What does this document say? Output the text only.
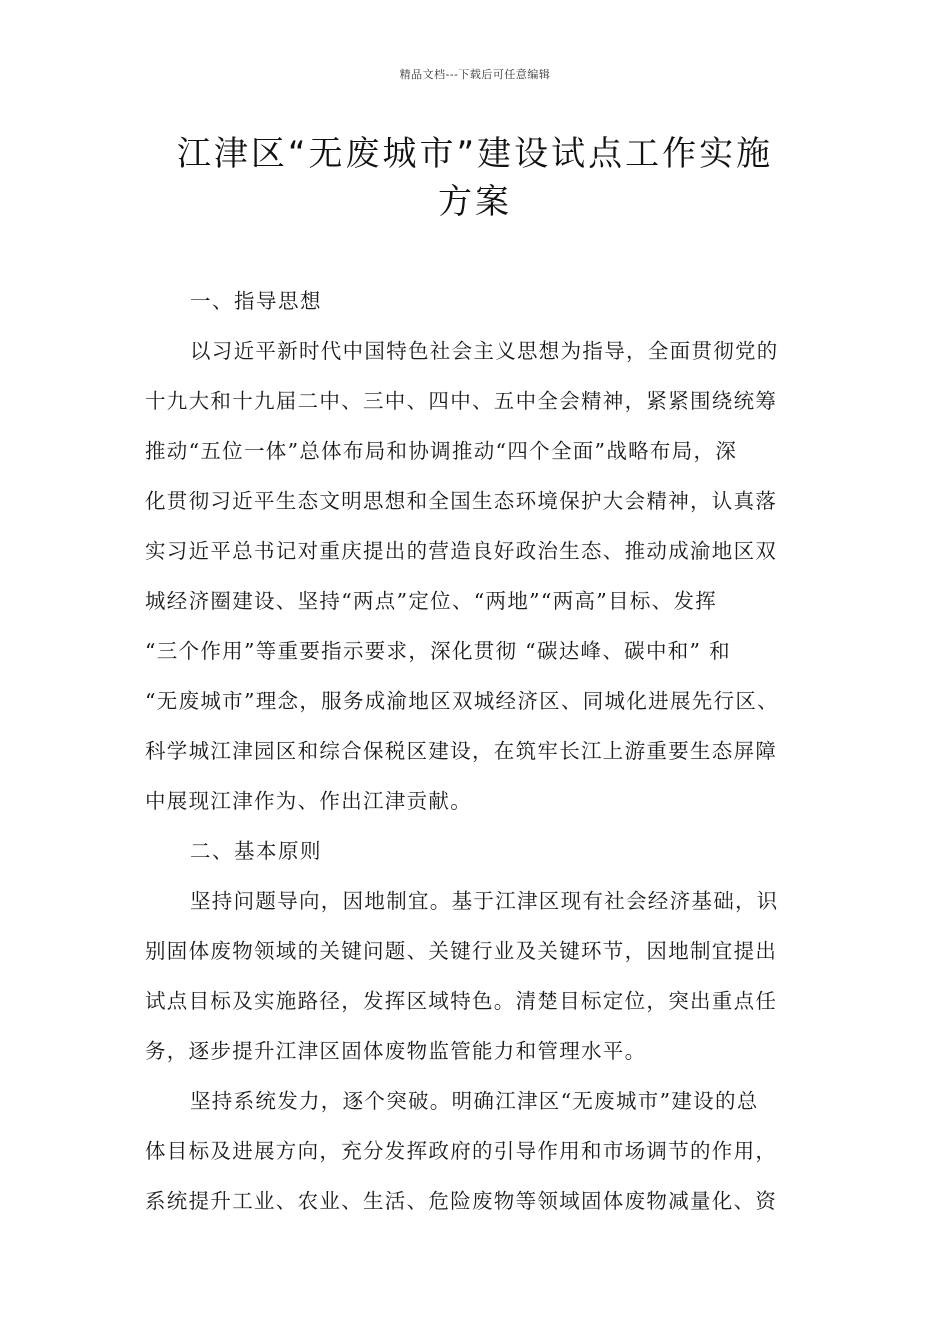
精品文档---下载后可任意编辑
江津区“无废城市”建设试点工作实施
方案
一、指导思想
以习近平新时代中国特色社会主义思想为指导，全面贯彻党的
十九大和十九届二中、三中、四中、五中全会精神，紧紧围绕统筹
推动“五位一体”总体布局和协调推动“四个全面”战略布局，深
化贯彻习近平生态文明思想和全国生态环境保护大会精神，认真落
实习近平总书记对重庆提出的营造良好政治生态、推动成渝地区双
城经济圈建设、坚持“两点”定位、“两地”“两高”目标、发挥
“三个作用”等重要指示要求，深化贯彻 “碳达峰、碳中和” 和
“无废城市”理念，服务成渝地区双城经济区、同城化进展先行区、
科学城江津园区和综合保税区建设，在筑牢长江上游重要生态屏障
中展现江津作为、作出江津贡献。
二、基本原则
坚持问题导向，因地制宜。基于江津区现有社会经济基础，识
别固体废物领域的关键问题、关键行业及关键环节，因地制宜提出
试点目标及实施路径，发挥区域特色。清楚目标定位，突出重点任
务，逐步提升江津区固体废物监管能力和管理水平。
坚持系统发力，逐个突破。明确江津区“无废城市”建设的总
体目标及进展方向，充分发挥政府的引导作用和市场调节的作用，
系统提升工业、农业、生活、危险废物等领域固体废物减量化、资
